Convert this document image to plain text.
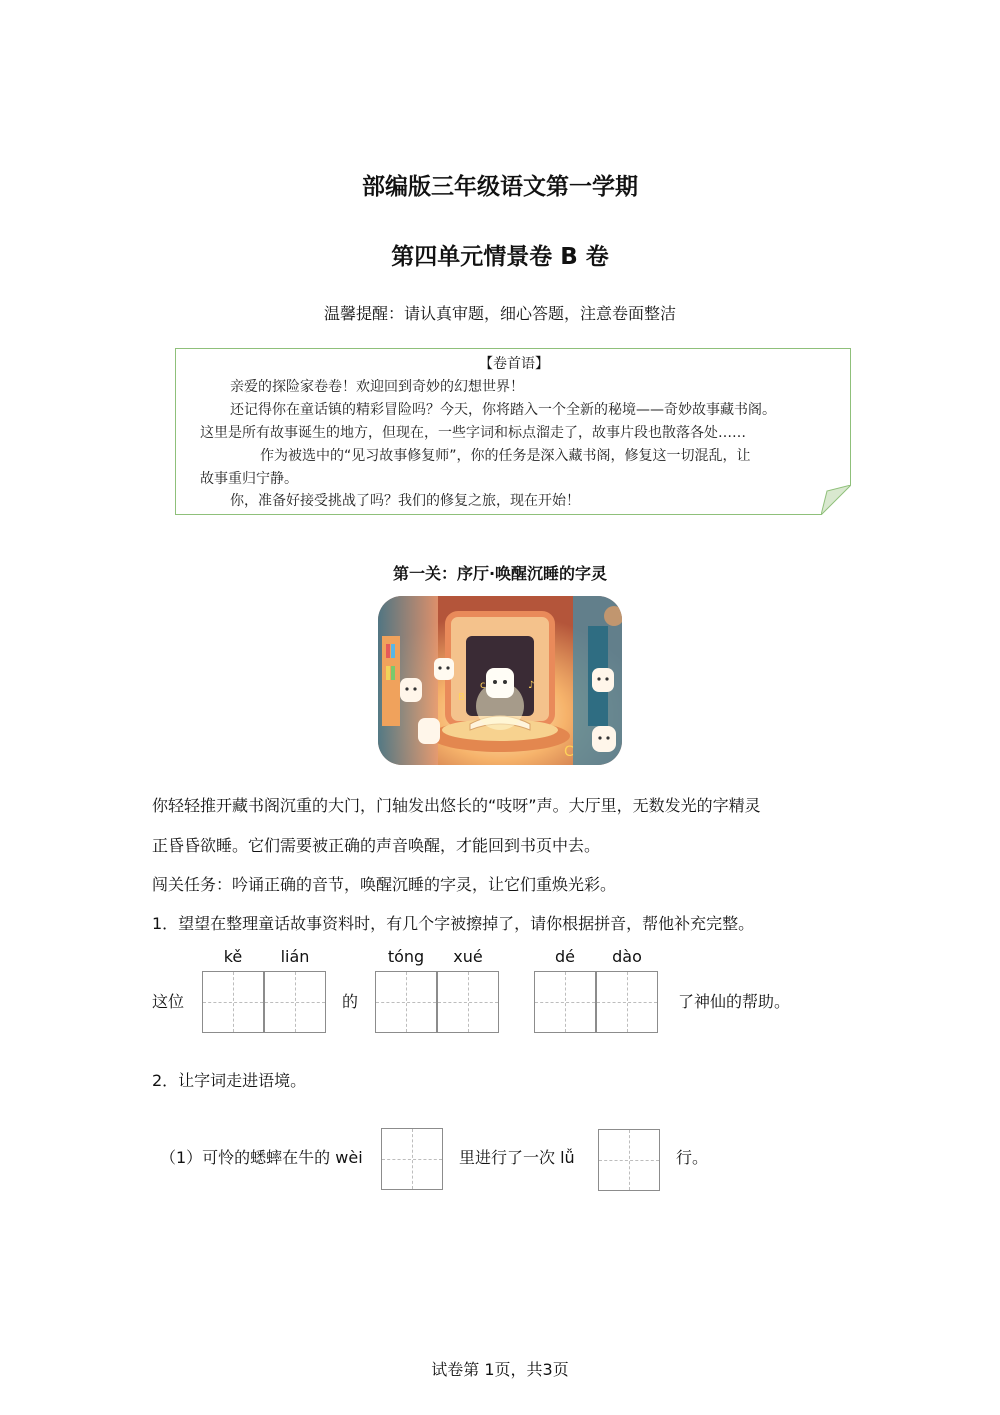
部编版三年级语文第一学期
第四单元情景卷 B 卷
温馨提醒：请认真审题，细心答题，注意卷面整洁
【卷首语】
亲爱的探险家卷卷！欢迎回到奇妙的幻想世界！
还记得你在童话镇的精彩冒险吗？今天，你将踏入一个全新的秘境——奇妙故事藏书阁。
这里是所有故事诞生的地方，但现在，一些字词和标点溜走了，故事片段也散落各处……
作为被选中的“见习故事修复师”，你的任务是深入藏书阁，修复这一切混乱，让
故事重归宁静。
你，准备好接受挑战了吗？我们的修复之旅，现在开始！
第一关：序厅·唤醒沉睡的字灵
c
B
♪
C
你轻轻推开藏书阁沉重的大门，门轴发出悠长的“吱呀”声。大厅里，无数发光的字精灵
正昏昏欲睡。它们需要被正确的声音唤醒，才能回到书页中去。
闯关任务：吟诵正确的音节，唤醒沉睡的字灵，让它们重焕光彩。
1．望望在整理童话故事资料时，有几个字被擦掉了，请你根据拼音，帮他补充完整。
kě	lián	tóng	xué	dé	dào
这位	的	了神仙的帮助。
2．让字词走进语境。
（1）可怜的蟋蟀在牛的 wèi	里进行了一次 lǚ	行。
试卷第 1页，共3页
